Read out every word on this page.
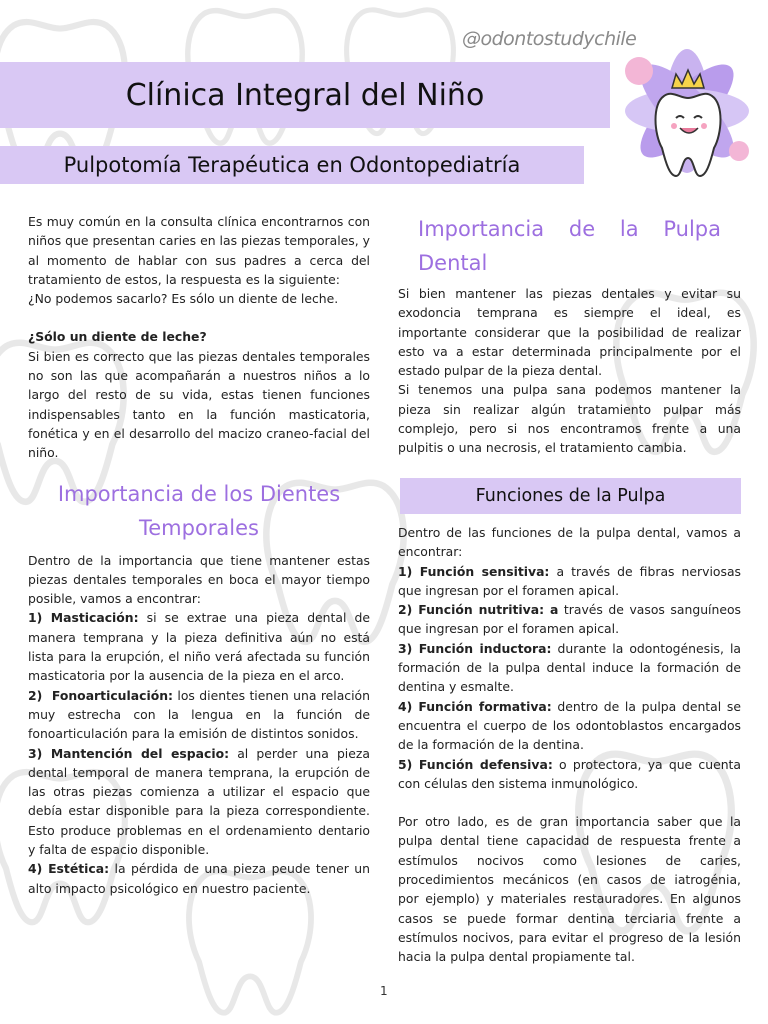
@odontostudychile
Clínica Integral del Niño
Pulpotomía Terapéutica en Odontopediatría

Es muy común en la consulta clínica encontrarnos con niños que presentan caries en las piezas temporales, y al momento de hablar con sus padres a cerca del tratamiento de estos, la respuesta es la siguiente:

¿No podemos sacarlo? Es sólo un diente de leche.

¿Sólo un diente de leche?

Si bien es correcto que las piezas dentales temporales no son las que acompañarán a nuestros niños a lo largo del resto de su vida, estas tienen funciones indispensables tanto en la función masticatoria, fonética y en el desarrollo del macizo craneo-facial del niño.

Importancia de los Dientes Temporales

Dentro de la importancia que tiene mantener estas piezas dentales temporales en boca el mayor tiempo posible, vamos a encontrar:

1) Masticación: si se extrae una pieza dental de manera temprana y la pieza definitiva aún no está lista para la erupción, el niño verá afectada su función masticatoria por la ausencia de la pieza en el arco.

2) Fonoarticulación: los dientes tienen una relación muy estrecha con la lengua en la función de fonoarticulación para la emisión de distintos sonidos.

3) Mantención del espacio: al perder una pieza dental temporal de manera temprana, la erupción de las otras piezas comienza a utilizar el espacio que debía estar disponible para la pieza correspondiente. Esto produce problemas en el ordenamiento dentario y falta de espacio disponible.

4) Estética: la pérdida de una pieza peude tener un alto impacto psicológico en nuestro paciente.

Importancia de la Pulpa Dental

Si bien mantener las piezas dentales y evitar su exodoncia temprana es siempre el ideal, es importante considerar que la posibilidad de realizar esto va a estar determinada principalmente por el estado pulpar de la pieza dental.

Si tenemos una pulpa sana podemos mantener la pieza sin realizar algún tratamiento pulpar más complejo, pero si nos encontramos frente a una pulpitis o una necrosis, el tratamiento cambia.

Funciones de la Pulpa

Dentro de las funciones de la pulpa dental, vamos a encontrar:

1) Función sensitiva: a través de fibras nerviosas que ingresan por el foramen apical.

2) Función nutritiva: a través de vasos sanguíneos que ingresan por el foramen apical.

3) Función inductora: durante la odontogénesis, la formación de la pulpa dental induce la formación de dentina y esmalte.

4) Función formativa: dentro de la pulpa dental se encuentra el cuerpo de los odontoblastos encargados de la formación de la dentina.

5) Función defensiva: o protectora, ya que cuenta con células den sistema inmunológico.

Por otro lado, es de gran importancia saber que la pulpa dental tiene capacidad de respuesta frente a estímulos nocivos como lesiones de caries, procedimientos mecánicos (en casos de iatrogénia, por ejemplo) y materiales restauradores. En algunos casos se puede formar dentina terciaria frente a estímulos nocivos, para evitar el progreso de la lesión hacia la pulpa dental propiamente tal.

1
